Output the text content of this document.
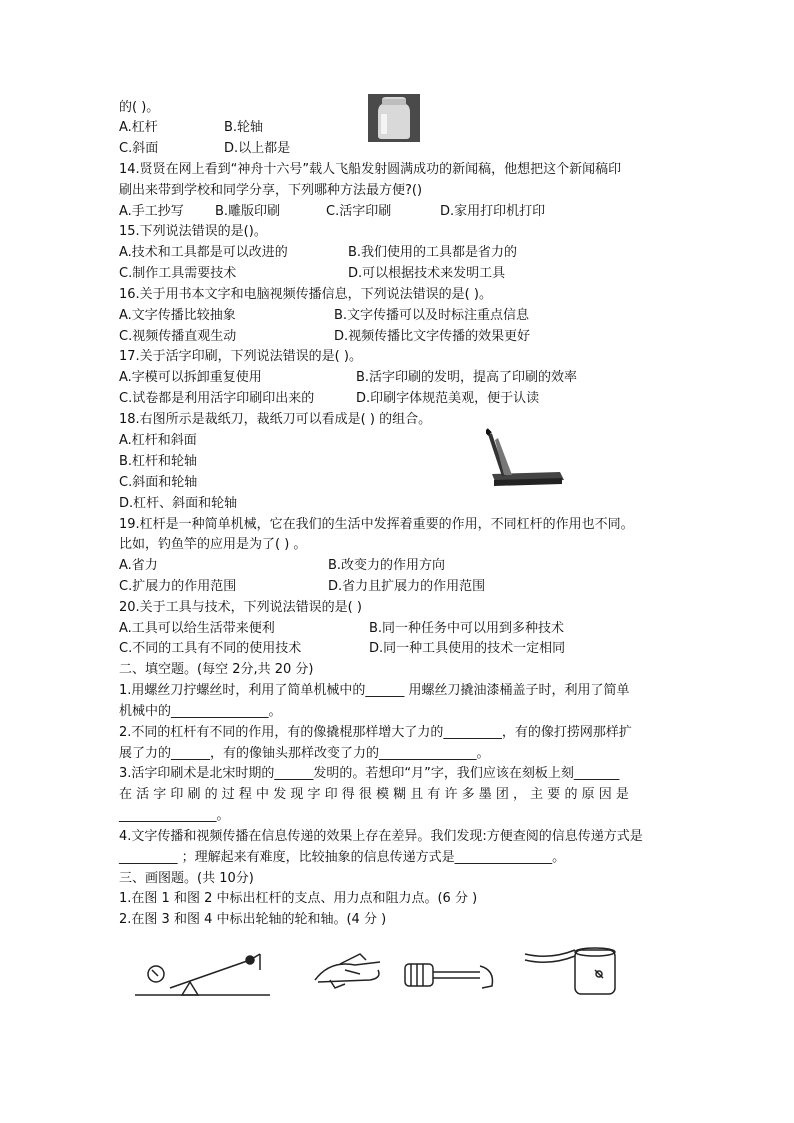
的( )。
A.杠杆	B.轮轴
C.斜面	D.以上都是
14.贤贤在网上看到“神舟十六号”载人飞船发射圆满成功的新闻稿，他想把这个新闻稿印
刷出来带到学校和同学分享，下列哪种方法最方便?()
A.手工抄写 B.雕版印刷	C.活字印刷	D.家用打印机打印
15.下列说法错误的是()。
A.技术和工具都是可以改进的	B.我们使用的工具都是省力的
C.制作工具需要技术	D.可以根据技术来发明工具
16.关于用书本文字和电脑视频传播信息，下列说法错误的是( )。
A.文字传播比较抽象	B.文字传播可以及时标注重点信息
C.视频传播直观生动	D.视频传播比文字传播的效果更好
17.关于活字印刷，下列说法错误的是( )。
A.字模可以拆卸重复使用	B.活字印刷的发明，提高了印刷的效率
C.试卷都是利用活字印刷印出来的	D.印刷字体规范美观，便于认读
18.右图所示是裁纸刀，裁纸刀可以看成是( ) 的组合。
A.杠杆和斜面
B.杠杆和轮轴
C.斜面和轮轴
D.杠杆、斜面和轮轴
19.杠杆是一种简单机械，它在我们的生活中发挥着重要的作用，不同杠杆的作用也不同。
比如，钓鱼竿的应用是为了( ) 。
A.省力	B.改变力的作用方向
C.扩展力的作用范围	D.省力且扩展力的作用范围
20.关于工具与技术，下列说法错误的是( )
A.工具可以给生活带来便利	B.同一种任务中可以用到多种技术
C.不同的工具有不同的使用技术	D.同一种工具使用的技术一定相同
二、填空题。(每空 2分,共 20 分)
1.用螺丝刀拧螺丝时，利用了简单机械中的______ 用螺丝刀撬油漆桶盖子时，利用了简单
机械中的_______________。
2.不同的杠杆有不同的作用，有的像撬棍那样增大了力的_________，有的像打捞网那样扩
展了力的______，有的像铀头那样改变了力的_______________。
3.活字印刷术是北宋时期的______发明的。若想印“月”字，我们应该在刻板上刻_______
在 活 字 印 刷 的 过 程 中 发 现 字 印 得 很 模 糊 且 有 许 多 墨 团 ， 主 要 的 原 因 是
_______________。
4.文字传播和视频传播在信息传递的效果上存在差异。我们发现:方便查阅的信息传递方式是
_________ ；理解起来有难度，比较抽象的信息传递方式是_______________。
三、画图题。(共 10分)
1.在图 1 和图 2 中标出杠杆的支点、用力点和阻力点。(6 分 )
2.在图 3 和图 4 中标出轮轴的轮和轴。(4 分 )
